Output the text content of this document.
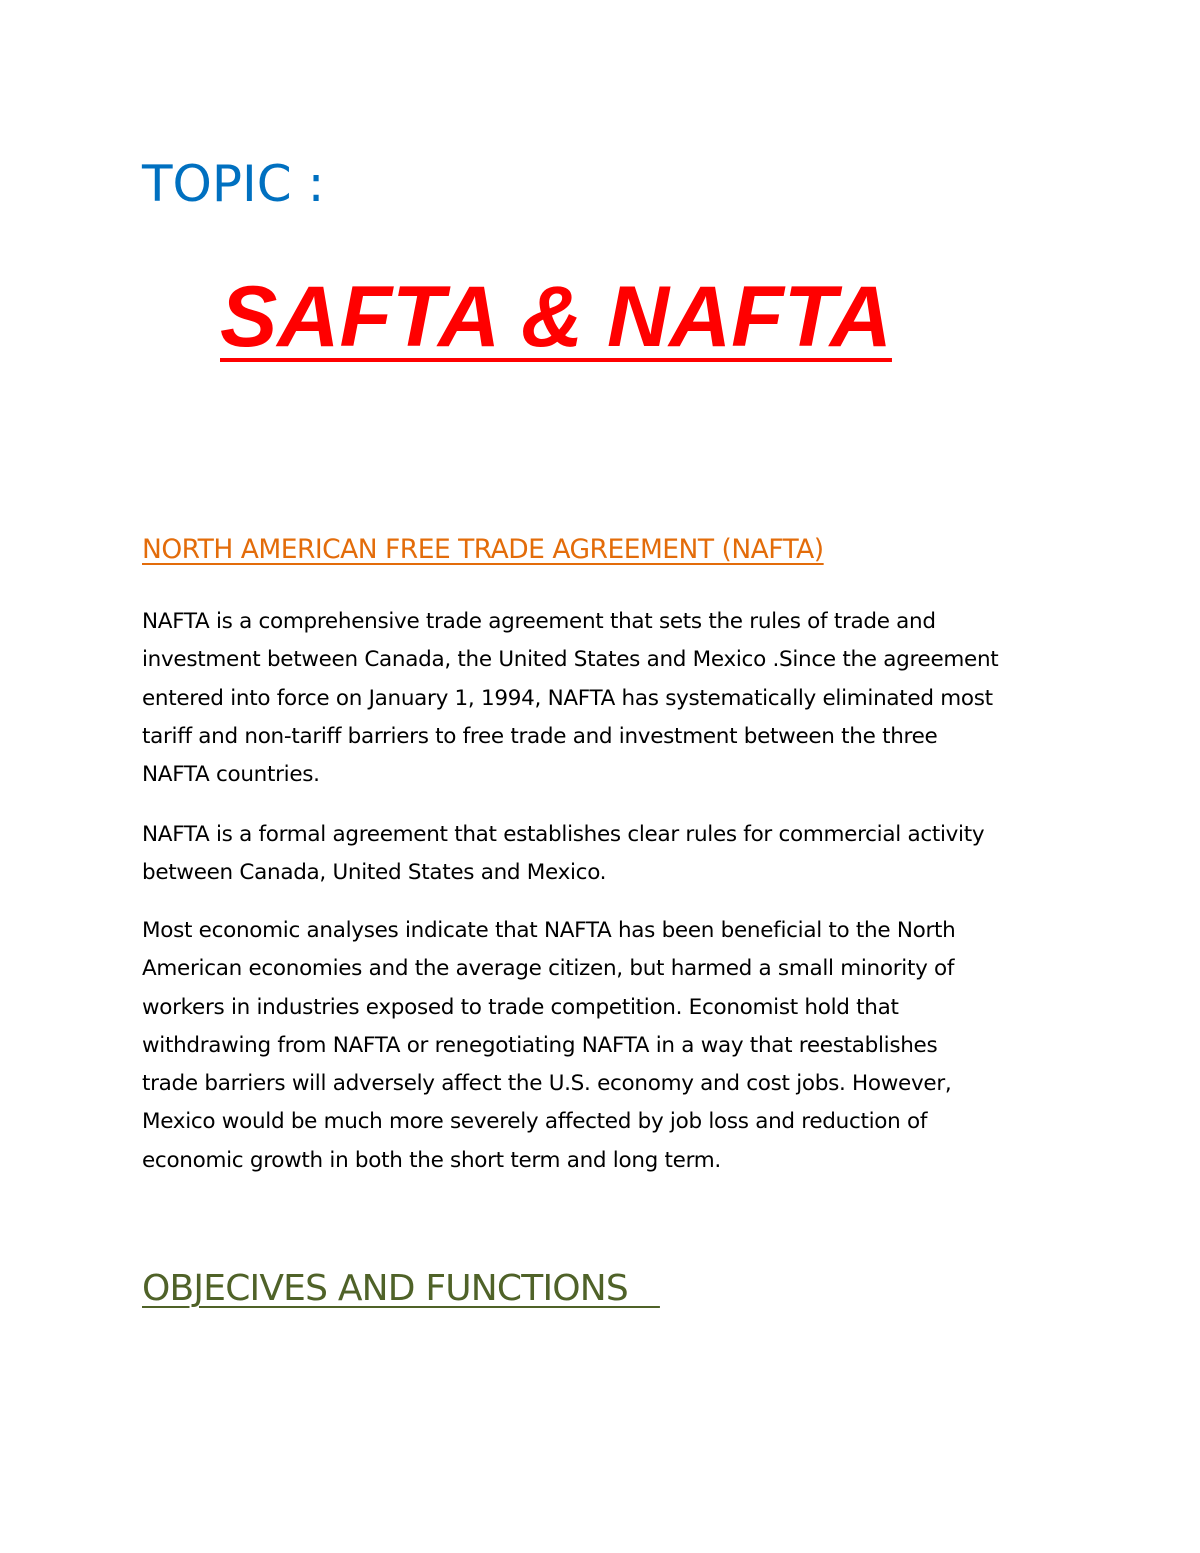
TOPIC :
SAFTA & NAFTA
NORTH AMERICAN FREE TRADE AGREEMENT (NAFTA)
NAFTA is a comprehensive trade agreement that sets the rules of trade and
investment between Canada, the United States and Mexico .Since the agreement
entered into force on January 1, 1994, NAFTA has systematically eliminated most
tariff and non-tariff barriers to free trade and investment between the three
NAFTA countries.
NAFTA is a formal agreement that establishes clear rules for commercial activity
between Canada, United States and Mexico.
Most economic analyses indicate that NAFTA has been beneficial to the North
American economies and the average citizen, but harmed a small minority of
workers in industries exposed to trade competition. Economist hold that
withdrawing from NAFTA or renegotiating NAFTA in a way that reestablishes
trade barriers will adversely affect the U.S. economy and cost jobs. However,
Mexico would be much more severely affected by job loss and reduction of
economic growth in both the short term and long term.
OBJECIVES AND FUNCTIONS
